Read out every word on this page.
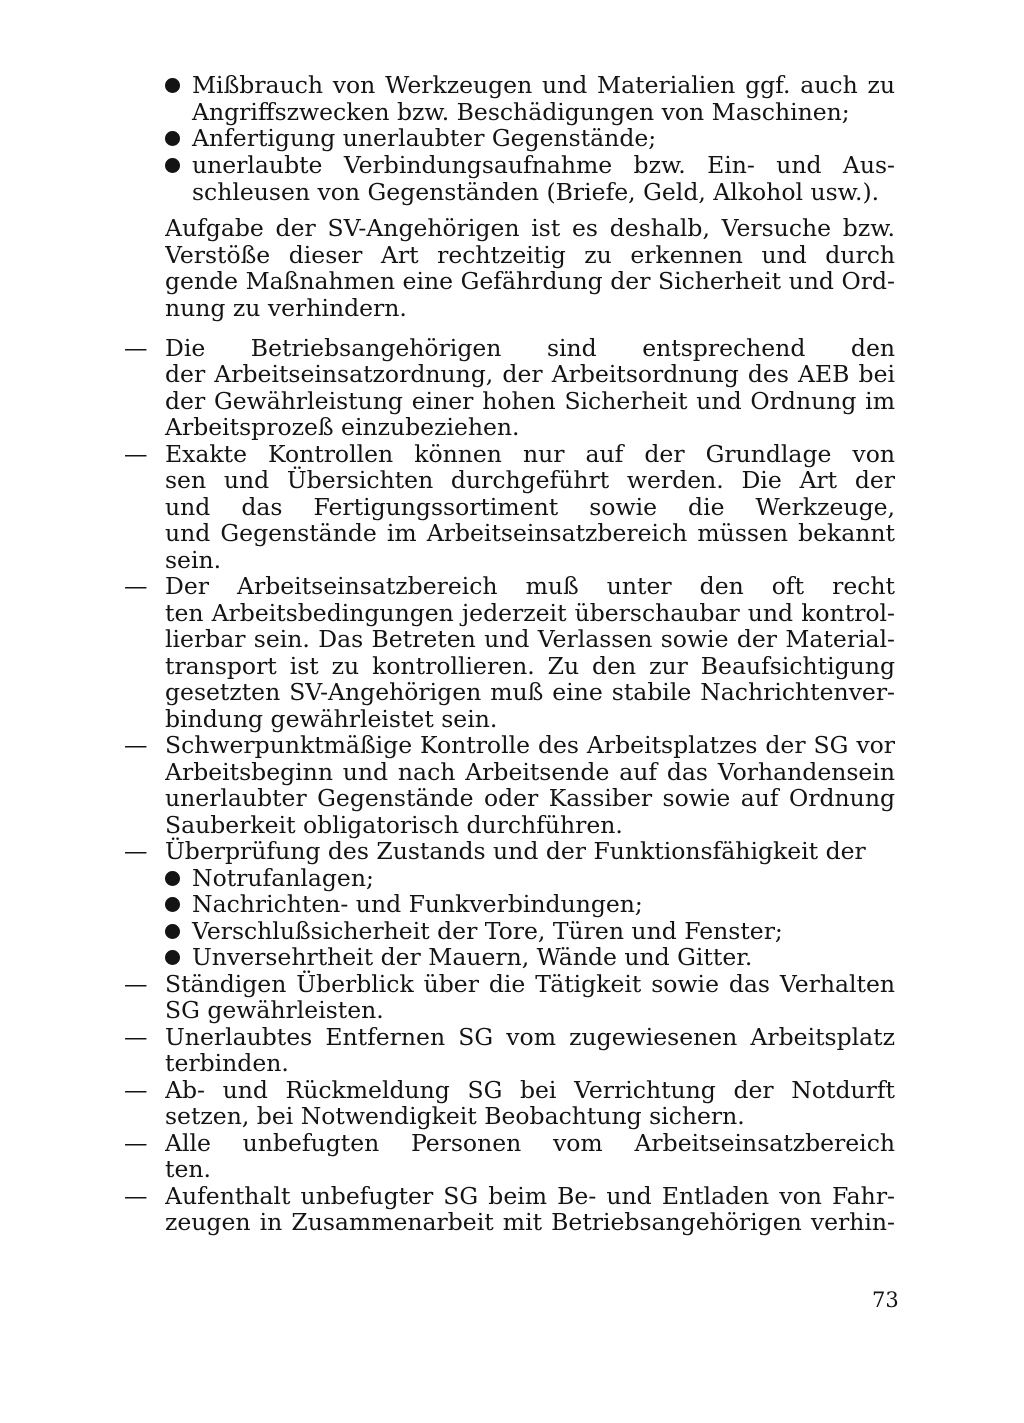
Mißbrauch von Werkzeugen und Materialien ggf. auch zu
Angriffszwecken bzw. Beschädigungen von Maschinen;
Anfertigung unerlaubter Gegenstände;
unerlaubte Verbindungsaufnahme bzw. Ein- und Aus-
schleusen von Gegenständen (Briefe, Geld, Alkohol usw.).
Aufgabe der SV-Angehörigen ist es deshalb, Versuche bzw.
Verstöße dieser Art rechtzeitig zu erkennen und durch
gende Maßnahmen eine Gefährdung der Sicherheit und Ord-
nung zu verhindern.
— Die Betriebsangehörigen sind entsprechend den
der Arbeitseinsatzordnung, der Arbeitsordnung des AEB bei
der Gewährleistung einer hohen Sicherheit und Ordnung im
Arbeitsprozeß einzubeziehen.
— Exakte Kontrollen können nur auf der Grundlage von
sen und Übersichten durchgeführt werden. Die Art der
und das Fertigungssortiment sowie die Werkzeuge,
und Gegenstände im Arbeitseinsatzbereich müssen bekannt
sein.
— Der Arbeitseinsatzbereich muß unter den oft recht
ten Arbeitsbedingungen jederzeit überschaubar und kontrol-
lierbar sein. Das Betreten und Verlassen sowie der Material-
transport ist zu kontrollieren. Zu den zur Beaufsichtigung
gesetzten SV-Angehörigen muß eine stabile Nachrichtenver-
bindung gewährleistet sein.
— Schwerpunktmäßige Kontrolle des Arbeitsplatzes der SG vor
Arbeitsbeginn und nach Arbeitsende auf das Vorhandensein
unerlaubter Gegenstände oder Kassiber sowie auf Ordnung
Sauberkeit obligatorisch durchführen.
— Überprüfung des Zustands und der Funktionsfähigkeit der
Notrufanlagen;
Nachrichten- und Funkverbindungen;
Verschlußsicherheit der Tore, Türen und Fenster;
Unversehrtheit der Mauern, Wände und Gitter.
— Ständigen Überblick über die Tätigkeit sowie das Verhalten
SG gewährleisten.
— Unerlaubtes Entfernen SG vom zugewiesenen Arbeitsplatz
terbinden.
— Ab- und Rückmeldung SG bei Verrichtung der Notdurft
setzen, bei Notwendigkeit Beobachtung sichern.
— Alle unbefugten Personen vom Arbeitseinsatzbereich
ten.
— Aufenthalt unbefugter SG beim Be- und Entladen von Fahr-
zeugen in Zusammenarbeit mit Betriebsangehörigen verhin-
73
